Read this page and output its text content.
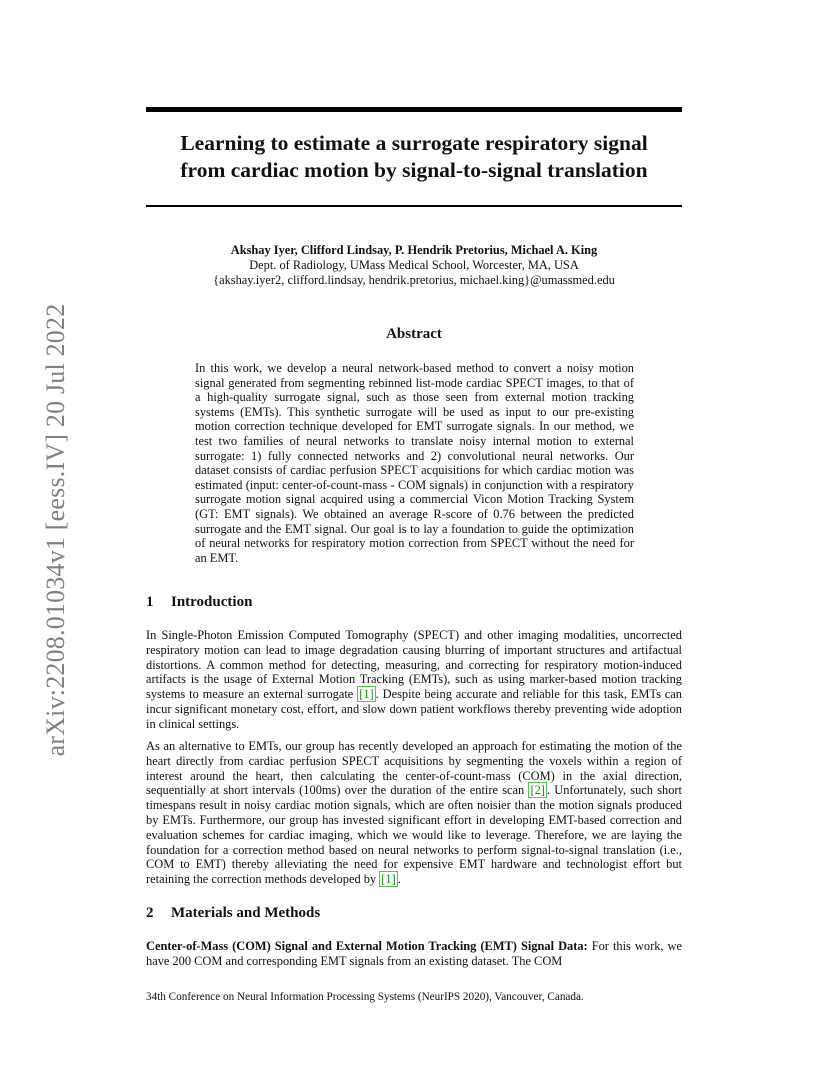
arXiv:2208.01034v1 [eess.IV] 20 Jul 2022
Learning to estimate a surrogate respiratory signal
from cardiac motion by signal-to-signal translation
Akshay Iyer, Clifford Lindsay, P. Hendrik Pretorius, Michael A. King
Dept. of Radiology, UMass Medical School, Worcester, MA, USA
{akshay.iyer2, clifford.lindsay, hendrik.pretorius, michael.king}@umassmed.edu
Abstract
In this work, we develop a neural network-based method to convert a noisy motion signal generated from segmenting rebinned list-mode cardiac SPECT images, to that of a high-quality surrogate signal, such as those seen from external motion tracking systems (EMTs). This synthetic surrogate will be used as input to our pre-existing motion correction technique developed for EMT surrogate signals. In our method, we test two families of neural networks to translate noisy internal motion to external surrogate: 1) fully connected networks and 2) convolutional neural networks. Our dataset consists of cardiac perfusion SPECT acquisitions for which cardiac motion was estimated (input: center-of-count-mass - COM signals) in conjunction with a respiratory surrogate motion signal acquired using a commercial Vicon Motion Tracking System (GT: EMT signals). We obtained an average R-score of 0.76 between the predicted surrogate and the EMT signal. Our goal is to lay a foundation to guide the optimization of neural networks for respiratory motion correction from SPECT without the need for an EMT.
1 Introduction
In Single-Photon Emission Computed Tomography (SPECT) and other imaging modalities, uncorrected respiratory motion can lead to image degradation causing blurring of important structures and artifactual distortions. A common method for detecting, measuring, and correcting for respiratory motion-induced artifacts is the usage of External Motion Tracking (EMTs), such as using marker-based motion tracking systems to measure an external surrogate [1] . Despite being accurate and reliable for this task, EMTs can incur significant monetary cost, effort, and slow down patient workflows thereby preventing wide adoption in clinical settings.
As an alternative to EMTs, our group has recently developed an approach for estimating the motion of the heart directly from cardiac perfusion SPECT acquisitions by segmenting the voxels within a region of interest around the heart, then calculating the center-of-count-mass (COM) in the axial direction, sequentially at short intervals (100ms) over the duration of the entire scan [2] . Unfortunately, such short timespans result in noisy cardiac motion signals, which are often noisier than the motion signals produced by EMTs. Furthermore, our group has invested significant effort in developing EMT-based correction and evaluation schemes for cardiac imaging, which we would like to leverage. Therefore, we are laying the foundation for a correction method based on neural networks to perform signal-to-signal translation (i.e., COM to EMT) thereby alleviating the need for expensive EMT hardware and technologist effort but retaining the correction methods developed by [1] .
2 Materials and Methods
Center-of-Mass (COM) Signal and External Motion Tracking (EMT) Signal Data: For this work, we have 200 COM and corresponding EMT signals from an existing dataset. The COM
34th Conference on Neural Information Processing Systems (NeurIPS 2020), Vancouver, Canada.
